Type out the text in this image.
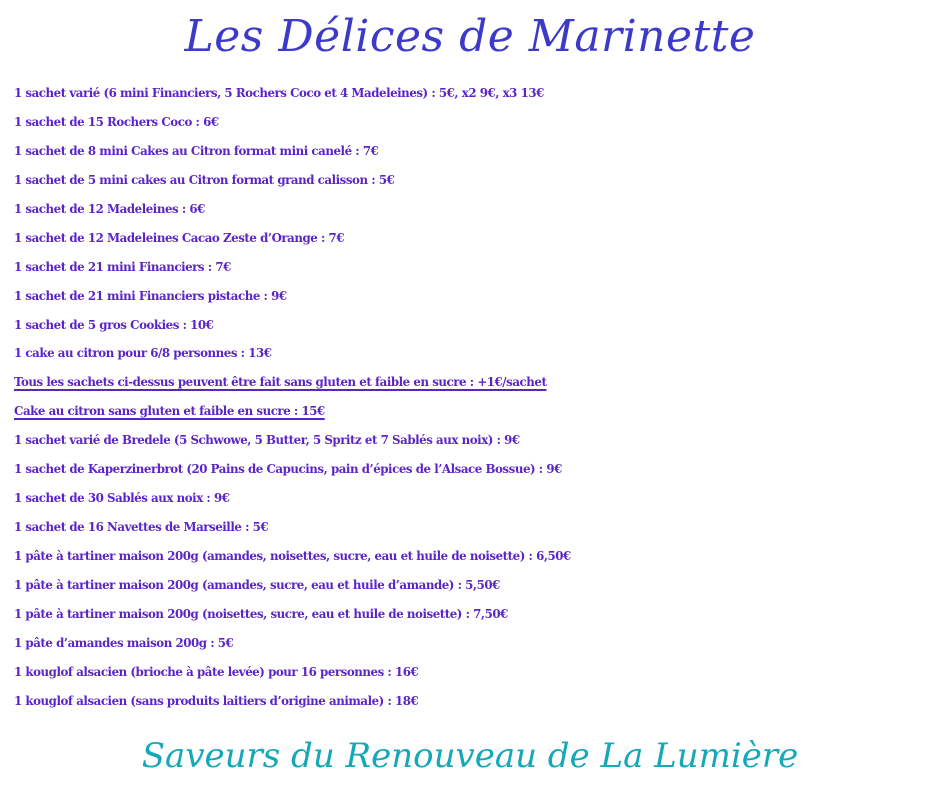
Les Délices de Marinette
1 sachet varié (6 mini Financiers, 5 Rochers Coco et 4 Madeleines) : 5€, x2 9€, x3 13€
1 sachet de 15 Rochers Coco : 6€
1 sachet de 8 mini Cakes au Citron format mini canelé : 7€
1 sachet de 5 mini cakes au Citron format grand calisson : 5€
1 sachet de 12 Madeleines : 6€
1 sachet de 12 Madeleines Cacao Zeste d’Orange : 7€
1 sachet de 21 mini Financiers : 7€
1 sachet de 21 mini Financiers pistache : 9€
1 sachet de 5 gros Cookies : 10€
1 cake au citron pour 6/8 personnes : 13€
Tous les sachets ci-dessus peuvent être fait sans gluten et faible en sucre : +1€/sachet
Cake au citron sans gluten et faible en sucre : 15€
1 sachet varié de Bredele (5 Schwowe, 5 Butter, 5 Spritz et 7 Sablés aux noix) : 9€
1 sachet de Kaperzinerbrot (20 Pains de Capucins, pain d’épices de l’Alsace Bossue) : 9€
1 sachet de 30 Sablés aux noix : 9€
1 sachet de 16 Navettes de Marseille : 5€
1 pâte à tartiner maison 200g (amandes, noisettes, sucre, eau et huile de noisette) : 6,50€
1 pâte à tartiner maison 200g (amandes, sucre, eau et huile d’amande) : 5,50€
1 pâte à tartiner maison 200g (noisettes, sucre, eau et huile de noisette) : 7,50€
1 pâte d’amandes maison 200g : 5€
1 kouglof alsacien (brioche à pâte levée) pour 16 personnes : 16€
1 kouglof alsacien (sans produits laitiers d’origine animale) : 18€
Saveurs du Renouveau de La Lumière
